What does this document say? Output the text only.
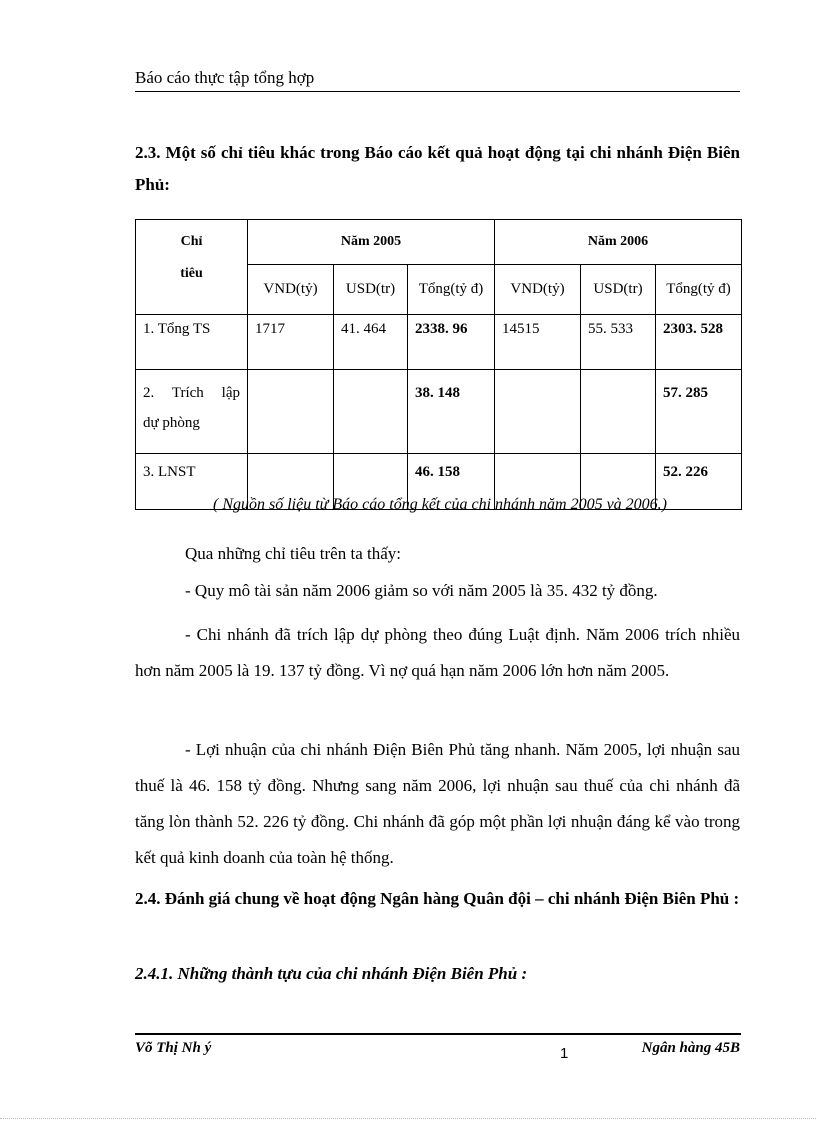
Báo cáo thực tập tổng hợp

2.3. Một số chỉ tiêu khác trong Báo cáo kết quả hoạt động tại chi nhánh Điện Biên Phủ:

Chỉ
tiêu	Năm 2005			Năm 2006		
	VND(tỷ)	USD(tr)	Tổng(tỷ đ)	VND(tỷ)	USD(tr)	Tổng(tỷ đ)
1. Tổng TS	1717	41. 464	2338. 96	14515	55. 533	2303. 528

2. Trích lập
dự phòng			38. 148			57. 285
3. LNST			46. 158			52. 226

( Nguồn số liệu từ Báo cáo tổng kết của chi nhánh năm 2005 và 2006.)

Qua những chỉ tiêu trên ta thấy:

- Quy mô tài sản năm 2006 giảm so với năm 2005 là 35. 432 tỷ đồng.

- Chi nhánh đã trích lập dự phòng theo đúng Luật định. Năm 2006 trích nhiều hơn năm 2005 là 19. 137 tỷ đồng. Vì nợ quá hạn năm 2006 lớn hơn năm 2005.

- Lợi nhuận của chi nhánh Điện Biên Phủ tăng nhanh. Năm 2005, lợi nhuận sau thuế là 46. 158 tỷ đồng. Nhưng sang năm 2006, lợi nhuận sau thuế của chi nhánh đã tăng lòn thành 52. 226 tỷ đồng. Chi nhánh đã góp một phần lợi nhuận đáng kể vào trong kết quả kinh doanh của toàn hệ thống.

2.4. Đánh giá chung về hoạt động Ngân hàng Quân đội – chi nhánh Điện Biên Phủ :

2.4.1. Những thành tựu của chi nhánh Điện Biên Phủ :

Võ Thị Nh ý	1	Ngân hàng 45B
